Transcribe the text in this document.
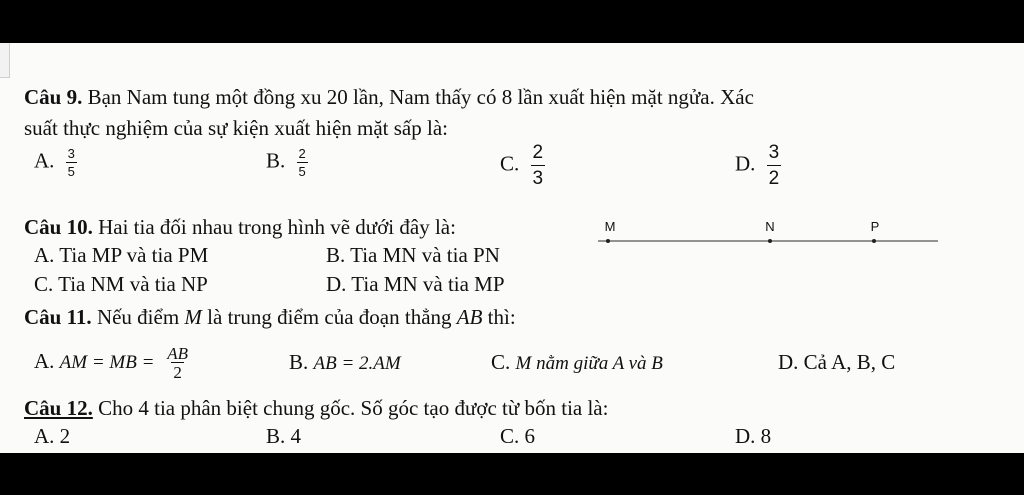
Câu 9. Bạn Nam tung một đồng xu 20 lần, Nam thấy có 8 lần xuất hiện mặt ngửa. Xác
suất thực nghiệm của sự kiện xuất hiện mặt sấp là:
A. $\frac{3}{5}$	B. $\frac{2}{5}$	C. $\frac{2}{3}$	D. $\frac{3}{2}$
Câu 10. Hai tia đối nhau trong hình vẽ dưới đây là:
A. Tia MP và tia PM	B. Tia MN và tia PN
C. Tia NM và tia NP	D. Tia MN và tia MP
M	N	P
Câu 11. Nếu điểm M là trung điểm của đoạn thẳng AB thì:
A. AM = MB = $\frac{AB}{2}$	B. AB = 2.AM	C. M nằm giữa A và B	D. Cả A, B, C
Câu 12. Cho 4 tia phân biệt chung gốc. Số góc tạo được từ bốn tia là:
A. 2	B. 4	C. 6	D. 8
